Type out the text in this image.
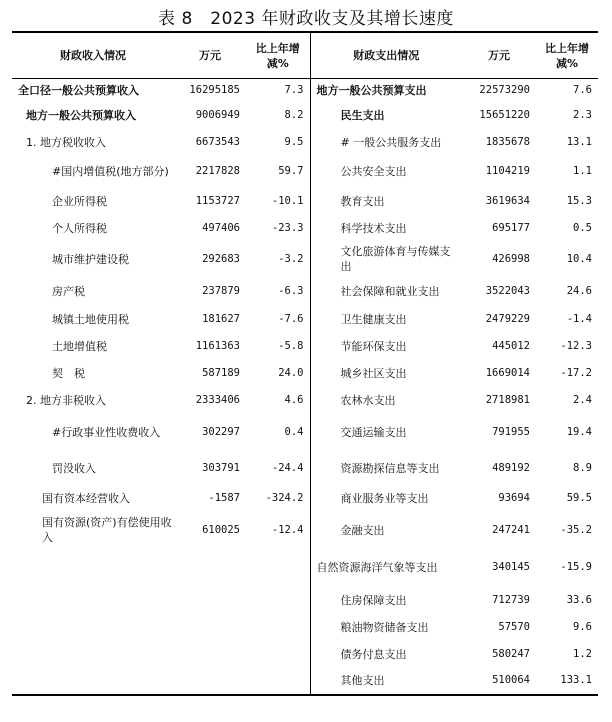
表 8　2023 年财政收支及其增长速度
财政收入情况	万元	比上年增减%	财政支出情况	万元	比上年增减%
全口径一般公共预算收入	16295185	7.3	地方一般公共预算支出	22573290	7.6
地方一般公共预算收入	9006949	8.2	民生支出	15651220	2.3
1. 地方税收收入	6673543	9.5	# 一般公共服务支出	1835678	13.1
#国内增值税(地方部分)	2217828	59.7	公共安全支出	1104219	1.1
企业所得税	1153727	-10.1	教育支出	3619634	15.3
个人所得税	497406	-23.3	科学技术支出	695177	0.5
城市维护建设税	292683	-3.2	文化旅游体育与传媒支出	426998	10.4
房产税	237879	-6.3	社会保障和就业支出	3522043	24.6
城镇土地使用税	181627	-7.6	卫生健康支出	2479229	-1.4
土地增值税	1161363	-5.8	节能环保支出	445012	-12.3
契　税	587189	24.0	城乡社区支出	1669014	-17.2
2. 地方非税收入	2333406	4.6	农林水支出	2718981	2.4
#行政事业性收费收入	302297	0.4	交通运输支出	791955	19.4
罚没收入	303791	-24.4	资源勘探信息等支出	489192	8.9
国有资本经营收入	-1587	-324.2	商业服务业等支出	93694	59.5
国有资源(资产)有偿使用收入	610025	-12.4	金融支出	247241	-35.2
			自然资源海洋气象等支出	340145	-15.9
			住房保障支出	712739	33.6
			粮油物资储备支出	57570	9.6
			债务付息支出	580247	1.2
			其他支出	510064	133.1
